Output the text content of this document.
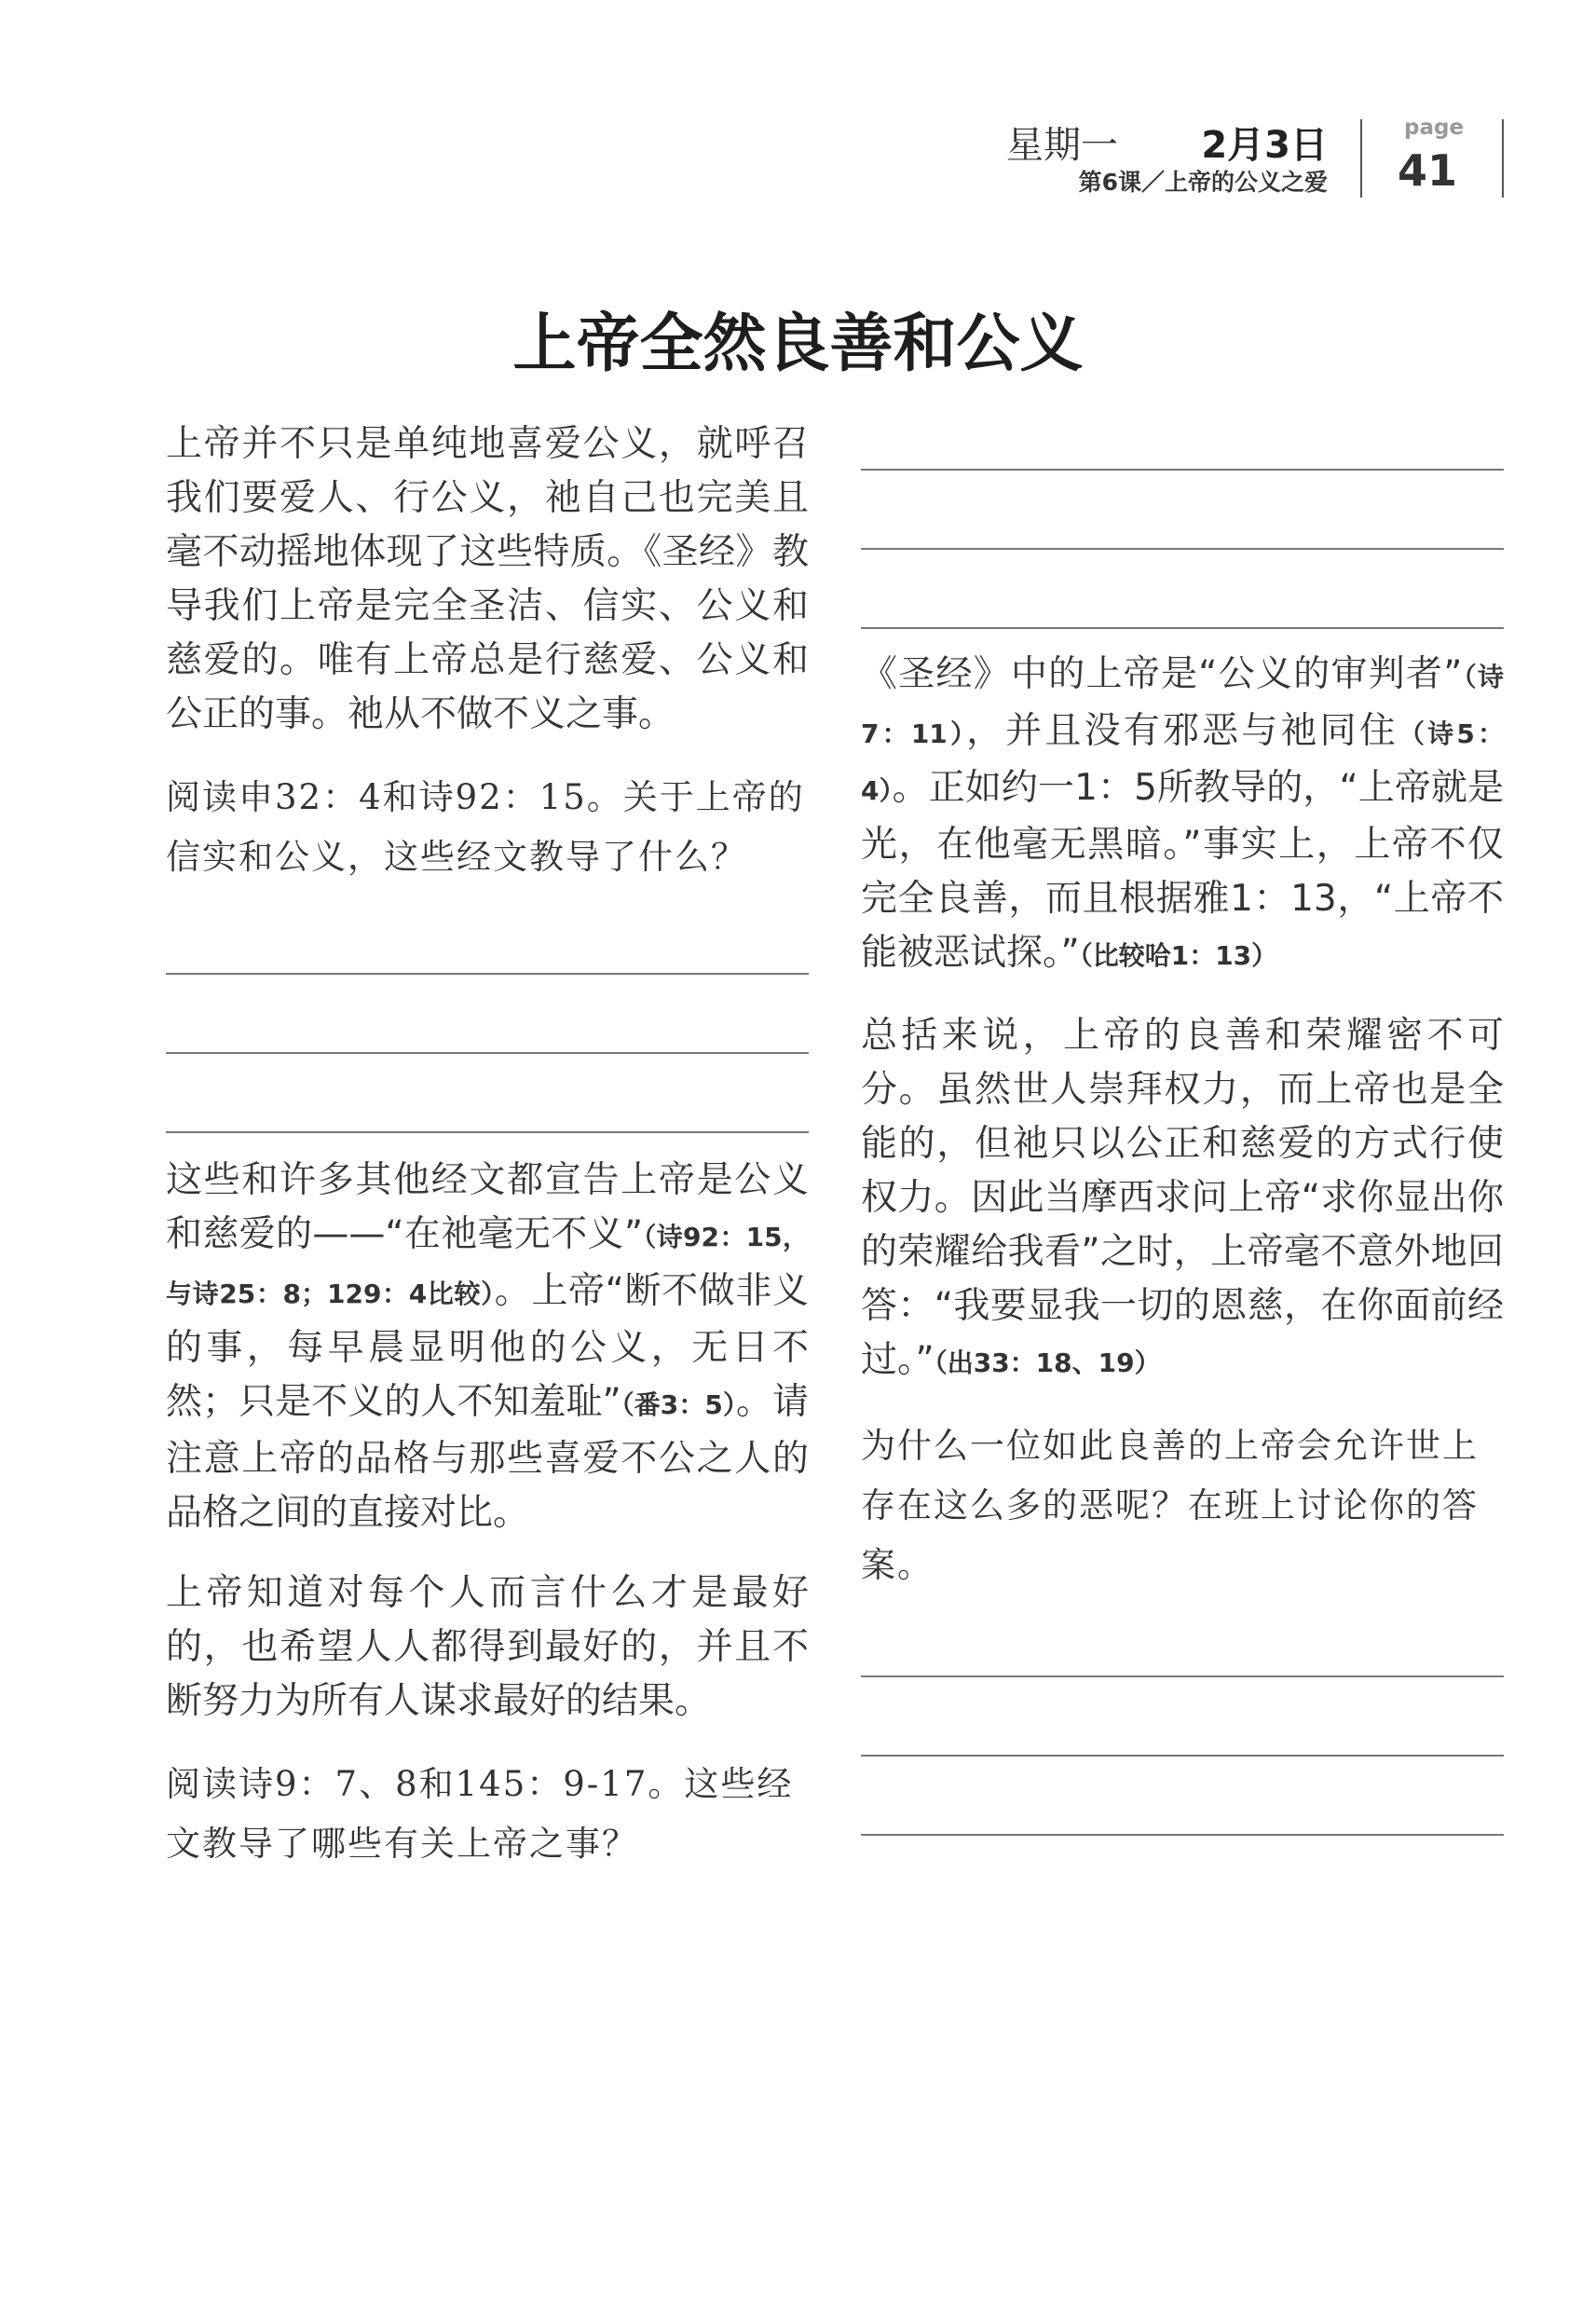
星期一 2月3日
第6课／上帝的公义之爱
page
41
上帝全然良善和公义

上帝并不只是单纯地喜爱公义，就呼召我们要爱人、行公义，祂自己也完美且毫不动摇地体现了这些特质。《圣经》教导我们上帝是完全圣洁、信实、公义和慈爱的。唯有上帝总是行慈爱、公义和公正的事。祂从不做不义之事。

阅读申32：4和诗92：15。关于上帝的信实和公义，这些经文教导了什么？

这些和许多其他经文都宣告上帝是公义和慈爱的——“在祂毫无不义”（诗92：15，与诗25：8；129：4比较）。上帝“断不做非义的事，每早晨显明他的公义，无日不然；只是不义的人不知羞耻”（番3：5）。请注意上帝的品格与那些喜爱不公之人的品格之间的直接对比。

上帝知道对每个人而言什么才是最好的，也希望人人都得到最好的，并且不断努力为所有人谋求最好的结果。

阅读诗9：7、8和145：9-17。这些经文教导了哪些有关上帝之事？

《圣经》中的上帝是“公义的审判者”（诗7：11），并且没有邪恶与祂同住（诗5：4）。正如约一1：5所教导的，“上帝就是光，在他毫无黑暗。”事实上，上帝不仅完全良善，而且根据雅1：13，“上帝不能被恶试探。”（比较哈1：13）

总括来说，上帝的良善和荣耀密不可分。虽然世人崇拜权力，而上帝也是全能的，但祂只以公正和慈爱的方式行使权力。因此当摩西求问上帝“求你显出你的荣耀给我看”之时，上帝毫不意外地回答：“我要显我一切的恩慈，在你面前经过。”（出33：18、19）

为什么一位如此良善的上帝会允许世上存在这么多的恶呢？在班上讨论你的答案。
